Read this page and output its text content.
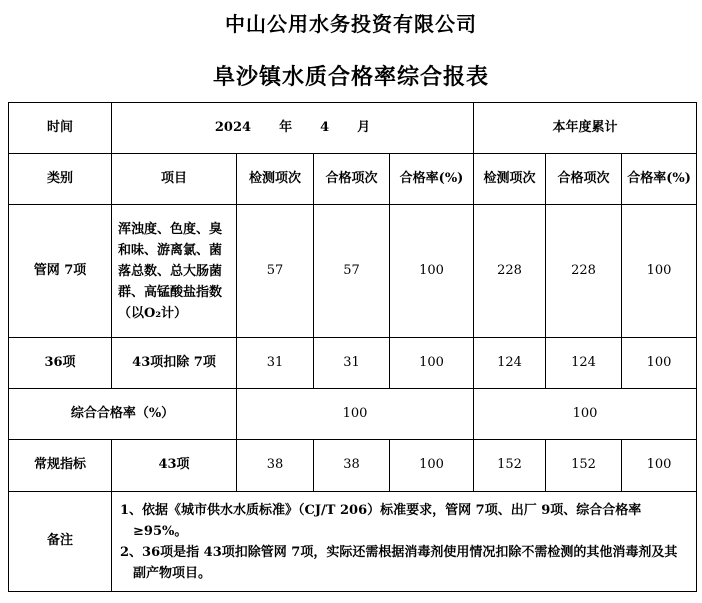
中山公用水务投资有限公司
阜沙镇水质合格率综合报表
时间	2024 年 4 月				本年度累计		
类别	项目	检测项次	合格项次	合格率(%)	检测项次	合格项次	合格率(%)
管网 7项	浑浊度、色度、臭和味、游离氯、菌落总数、总大肠菌群、高锰酸盐指数（以O₂计）	57	57	100	228	228	100
36项	43项扣除 7项	31	31	100	124	124	100
综合合格率（%）		100			100		
常规指标	43项	38	38	100	152	152	100
备注	1、依据《城市供水水质标准》（CJ/T 206）标准要求，管网 7项、出厂 9项、综合合格率≥95%。
2、36项是指 43项扣除管网 7项，实际还需根据消毒剂使用情况扣除不需检测的其他消毒剂及其副产物项目。						
